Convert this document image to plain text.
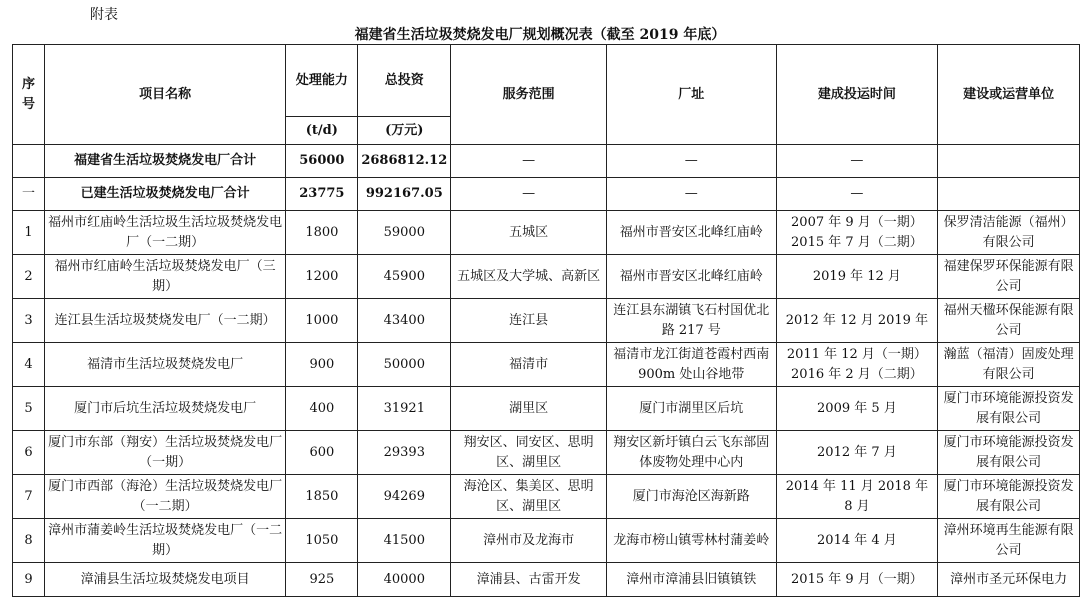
附表
福建省生活垃圾焚烧发电厂规划概况表（截至 2019 年底）
序号	项目名称	处理能力	总投资	服务范围	厂址	建成投运时间	建设或运营单位
		(t/d)	(万元)				
	福建省生活垃圾焚烧发电厂合计	56000	2686812.12	—	—	—	
一	已建生活垃圾焚烧发电厂合计	23775	992167.05	—	—	—	
1	福州市红庙岭生活垃圾生活垃圾焚烧发电厂（一二期）	1800	59000	五城区	福州市晋安区北峰红庙岭	2007 年 9 月（一期）2015 年 7 月（二期）	保罗清洁能源（福州）有限公司
2	福州市红庙岭生活垃圾焚烧发电厂（三期）	1200	45900	五城区及大学城、高新区	福州市晋安区北峰红庙岭	2019 年 12 月	福建保罗环保能源有限公司
3	连江县生活垃圾焚烧发电厂（一二期）	1000	43400	连江县	连江县东湖镇飞石村国优北路 217 号	2012 年 12 月 2019 年	福州天楹环保能源有限公司
4	福清市生活垃圾焚烧发电厂	900	50000	福清市	福清市龙江街道苍霞村西南 900m 处山谷地带	2011 年 12 月（一期）2016 年 2 月（二期）	瀚蓝（福清）固废处理有限公司
5	厦门市后坑生活垃圾焚烧发电厂	400	31921	湖里区	厦门市湖里区后坑	2009 年 5 月	厦门市环境能源投资发展有限公司
6	厦门市东部（翔安）生活垃圾焚烧发电厂（一期）	600	29393	翔安区、同安区、思明区、湖里区	翔安区新圩镇白云飞东部固体废物处理中心内	2012 年 7 月	厦门市环境能源投资发展有限公司
7	厦门市西部（海沧）生活垃圾焚烧发电厂（一二期）	1850	94269	海沧区、集美区、思明区、湖里区	厦门市海沧区海新路	2014 年 11 月 2018 年 8 月	厦门市环境能源投资发展有限公司
8	漳州市蒲姜岭生活垃圾焚烧发电厂（一二期）	1050	41500	漳州市及龙海市	龙海市榜山镇雩林村蒲姜岭	2014 年 4 月	漳州环境再生能源有限公司
9	漳浦县生活垃圾焚烧发电项目	925	40000	漳浦县、古雷开发	漳州市漳浦县旧镇镇铁	2015 年 9 月（一期）	漳州市圣元环保电力
